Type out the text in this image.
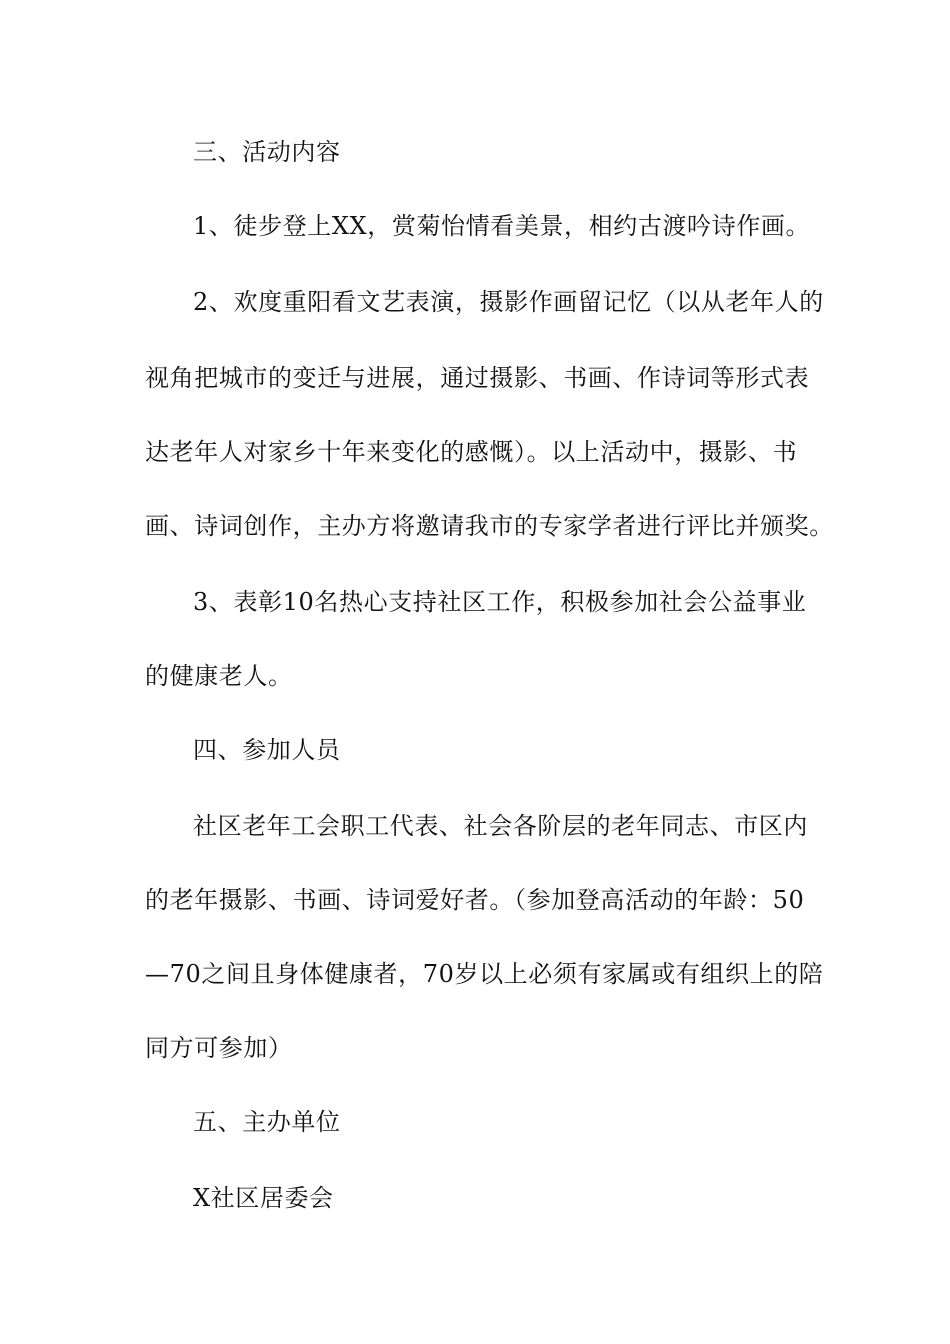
三、活动内容
1、徒步登上XX，赏菊怡情看美景，相约古渡吟诗作画。
2、欢度重阳看文艺表演，摄影作画留记忆（以从老年人的
视角把城市的变迁与进展，通过摄影、书画、作诗词等形式表
达老年人对家乡十年来变化的感慨）。以上活动中，摄影、书
画、诗词创作，主办方将邀请我市的专家学者进行评比并颁奖。
3、表彰10名热心支持社区工作，积极参加社会公益事业
的健康老人。
四、参加人员
社区老年工会职工代表、社会各阶层的老年同志、市区内
的老年摄影、书画、诗词爱好者。（参加登高活动的年龄：50
—70之间且身体健康者，70岁以上必须有家属或有组织上的陪
同方可参加）
五、主办单位
X社区居委会
